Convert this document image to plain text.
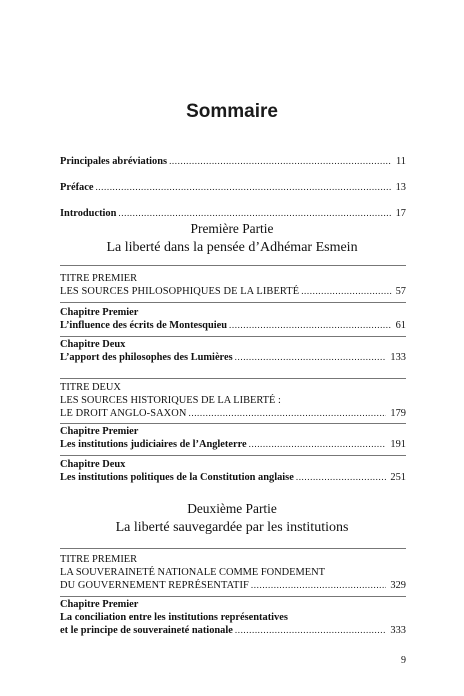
Sommaire
Principales abréviations .....	11
Préface .....	13
Introduction .....	17
Première Partie
La liberté dans la pensée d’Adhémar Esmein
TITRE PREMIER
LES SOURCES PHILOSOPHIQUES DE LA LIBERTÉ .....	57
Chapitre Premier
L’influence des écrits de Montesquieu .....	61
Chapitre Deux
L’apport des philosophes des Lumières .....	133
TITRE DEUX
LES SOURCES HISTORIQUES DE LA LIBERTÉ :
LE DROIT ANGLO-SAXON .....	179
Chapitre Premier
Les institutions judiciaires de l’Angleterre .....	191
Chapitre Deux
Les institutions politiques de la Constitution anglaise .....	251
Deuxième Partie
La liberté sauvegardée par les institutions
TITRE PREMIER
LA SOUVERAINETÉ NATIONALE COMME FONDEMENT
DU GOUVERNEMENT REPRÉSENTATIF .....	329
Chapitre Premier
La conciliation entre les institutions représentatives
et le principe de souveraineté nationale .....	333
9
